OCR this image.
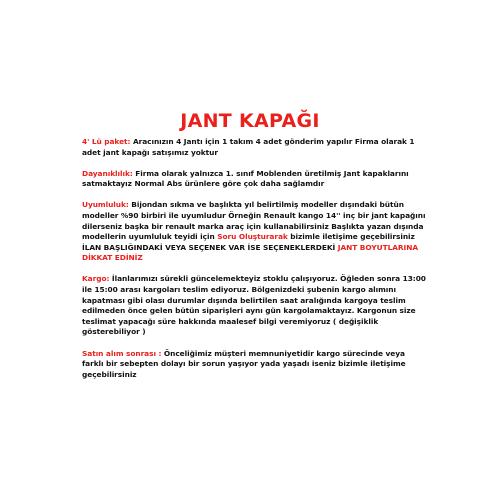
JANT KAPAĞI

4' Lü paket: Aracınızın 4 Jantı için 1 takım 4 adet gönderim yapılır Firma olarak 1 adet jant kapağı satışımız yoktur

Dayanıklılık: Firma olarak yalnızca 1. sınıf Moblenden üretilmiş Jant kapaklarını satmaktayız Normal Abs ürünlere göre çok daha sağlamdır

Uyumluluk: Bijondan sıkma ve başlıkta yıl belirtilmiş modeller dışındaki bütün modeller %90 birbiri ile uyumludur Örneğin Renault kango 14'' inç bir jant kapağını dilerseniz başka bir renault marka araç için kullanabilirsiniz Başlıkta yazan dışında modellerin uyumluluk teyidi için Soru Oluşturarak bizimle iletişime geçebilirsiniz İLAN BAŞLIĞINDAKİ VEYA SEÇENEK VAR İSE SEÇENEKLERDEKİ JANT BOYUTLARINA DİKKAT EDİNİZ

Kargo: İlanlarımızı sürekli güncelemekteyiz stoklu çalışıyoruz. Öğleden sonra 13:00 ile 15:00 arası kargoları teslim ediyoruz. Bölgenizdeki şubenin kargo alımını kapatması gibi olası durumlar dışında belirtilen saat aralığında kargoya teslim edilmeden önce gelen bütün siparişleri aynı gün kargolamaktayız. Kargonun size teslimat yapacağı süre hakkında maalesef bilgi veremiyoruz ( değişiklik gösterebiliyor )

Satın alım sonrası : Önceliğimiz müşteri memnuniyetidir kargo sürecinde veya farklı bir sebepten dolayı bir sorun yaşıyor yada yaşadı iseniz bizimle iletişime geçebilirsiniz
